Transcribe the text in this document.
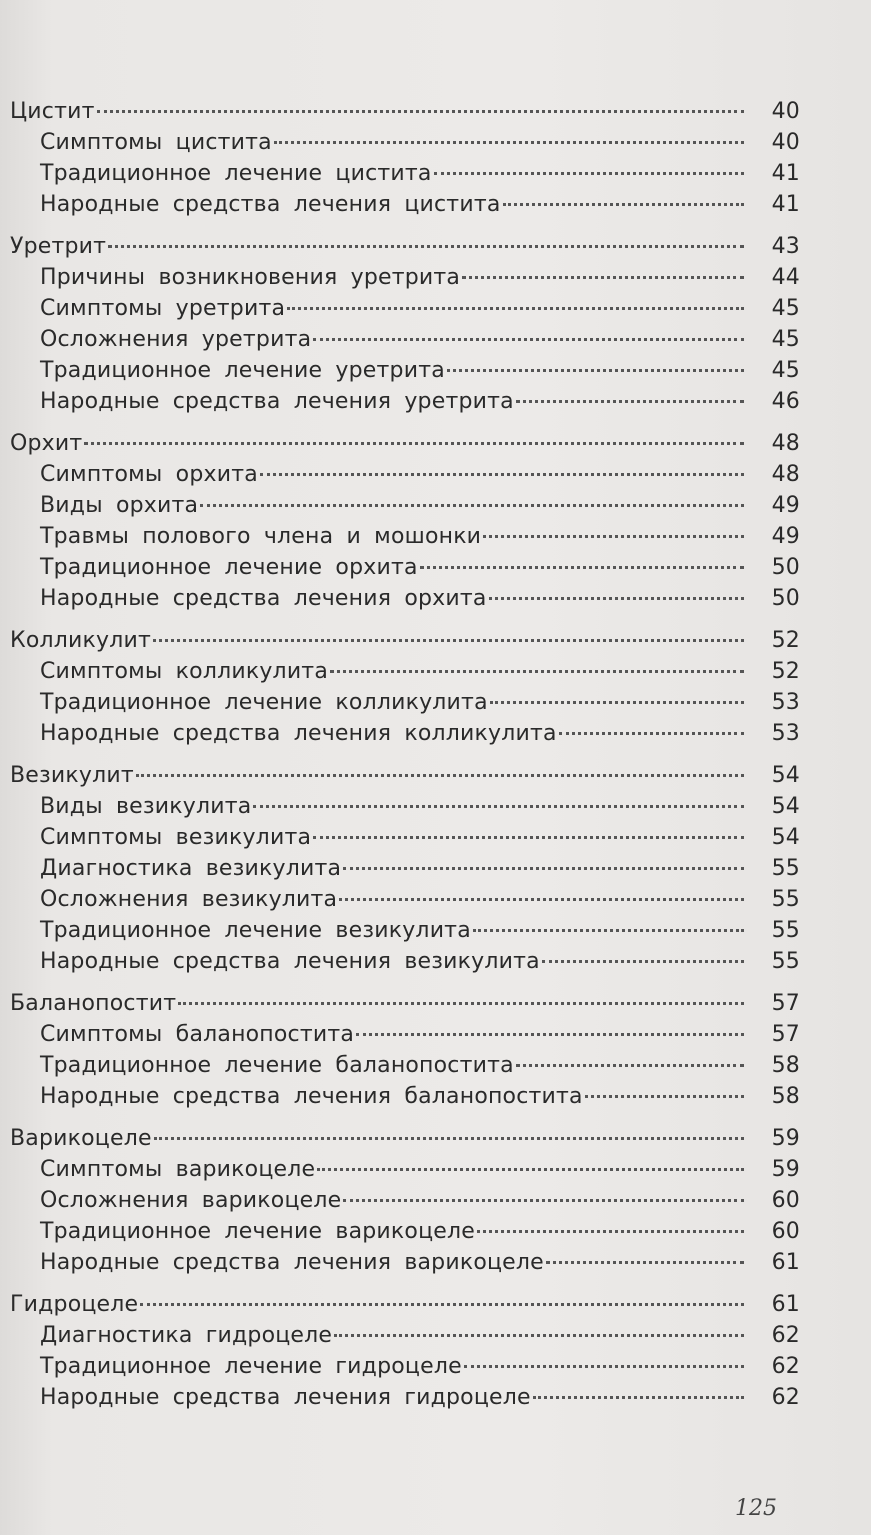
Цистит	40
Симптомы цистита	40
Традиционное лечение цистита	41
Народные средства лечения цистита	41
Уретрит	43
Причины возникновения уретрита	44
Симптомы уретрита	45
Осложнения уретрита	45
Традиционное лечение уретрита	45
Народные средства лечения уретрита	46
Орхит	48
Симптомы орхита	48
Виды орхита	49
Травмы полового члена и мошонки	49
Традиционное лечение орхита	50
Народные средства лечения орхита	50
Колликулит	52
Симптомы колликулита	52
Традиционное лечение колликулита	53
Народные средства лечения колликулита	53
Везикулит	54
Виды везикулита	54
Симптомы везикулита	54
Диагностика везикулита	55
Осложнения везикулита	55
Традиционное лечение везикулита	55
Народные средства лечения везикулита	55
Баланопостит	57
Симптомы баланопостита	57
Традиционное лечение баланопостита	58
Народные средства лечения баланопостита	58
Варикоцеле	59
Симптомы варикоцеле	59
Осложнения варикоцеле	60
Традиционное лечение варикоцеле	60
Народные средства лечения варикоцеле	61
Гидроцеле	61
Диагностика гидроцеле	62
Традиционное лечение гидроцеле	62
Народные средства лечения гидроцеле	62
125
